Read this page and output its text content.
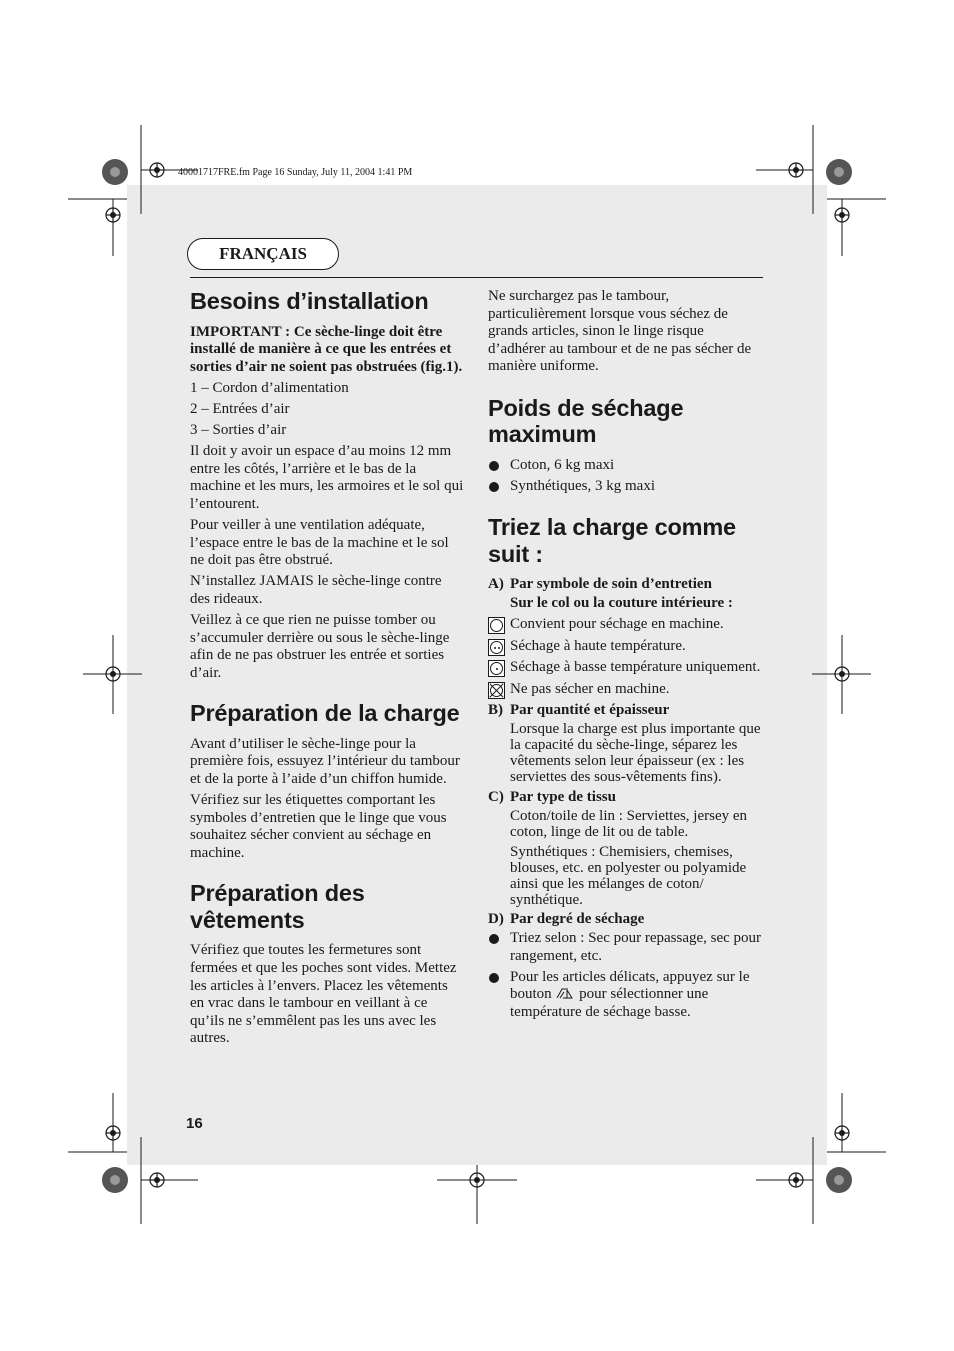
40001717FRE.fm Page 16 Sunday, July 11, 2004 1:41 PM
FRANÇAIS
Besoins d’installation

IMPORTANT : Ce sèche-linge doit être installé de manière à ce que les entrées et sorties d’air ne soient pas obstruées (fig.1).

1 – Cordon d’alimentation

2 – Entrées d’air

3 – Sorties d’air

Il doit y avoir un espace d’au moins 12 mm entre les côtés, l’arrière et le bas de la machine et les murs, les armoires et le sol qui l’entourent.

Pour veiller à une ventilation adéquate, l’espace entre le bas de la machine et le sol ne doit pas être obstrué.

N’installez JAMAIS le sèche-linge contre des rideaux.

Veillez à ce que rien ne puisse tomber ou s’accumuler derrière ou sous le sèche-linge afin de ne pas obstruer les entrée et sorties d’air.

Préparation de la charge

Avant d’utiliser le sèche-linge pour la première fois, essuyez l’intérieur du tambour et de la porte à l’aide d’un chiffon humide.

Vérifiez sur les étiquettes comportant les symboles d’entretien que le linge que vous souhaitez sécher convient au séchage en machine.

Préparation des vêtements

Vérifiez que toutes les fermetures sont fermées et que les poches sont vides. Mettez les articles à l’envers. Placez les vêtements en vrac dans le tambour en veillant à ce qu’ils ne s’emmêlent pas les uns avec les autres.

Ne surchargez pas le tambour, particulièrement lorsque vous séchez de grands articles, sinon le linge risque d’adhérer au tambour et de ne pas sécher de manière uniforme.

Poids de séchage maximum
Coton, 6 kg maxi
Synthétiques, 3 kg maxi
Triez la charge comme suit :
A) Par symbole de soin d’entretien
Sur le col ou la couture intérieure :
Convient pour séchage en machine.
Séchage à haute température.
Séchage à basse température uniquement.
Ne pas sécher en machine.
B) Par quantité et épaisseur

Lorsque la charge est plus importante que la capacité du sèche-linge, séparez les vêtements selon leur épaisseur (ex : les serviettes des sous-vêtements fins).

C) Par type de tissu

Coton/toile de lin : Serviettes, jersey en coton, linge de lit ou de table.

Synthétiques : Chemisiers, chemises, blouses, etc. en polyester ou polyamide ainsi que les mélanges de coton/ synthétique.

D) Par degré de séchage
Triez selon : Sec pour repassage, sec pour rangement, etc.
Pour les articles délicats, appuyez sur le bouton pour sélectionner une température de séchage basse.
16
